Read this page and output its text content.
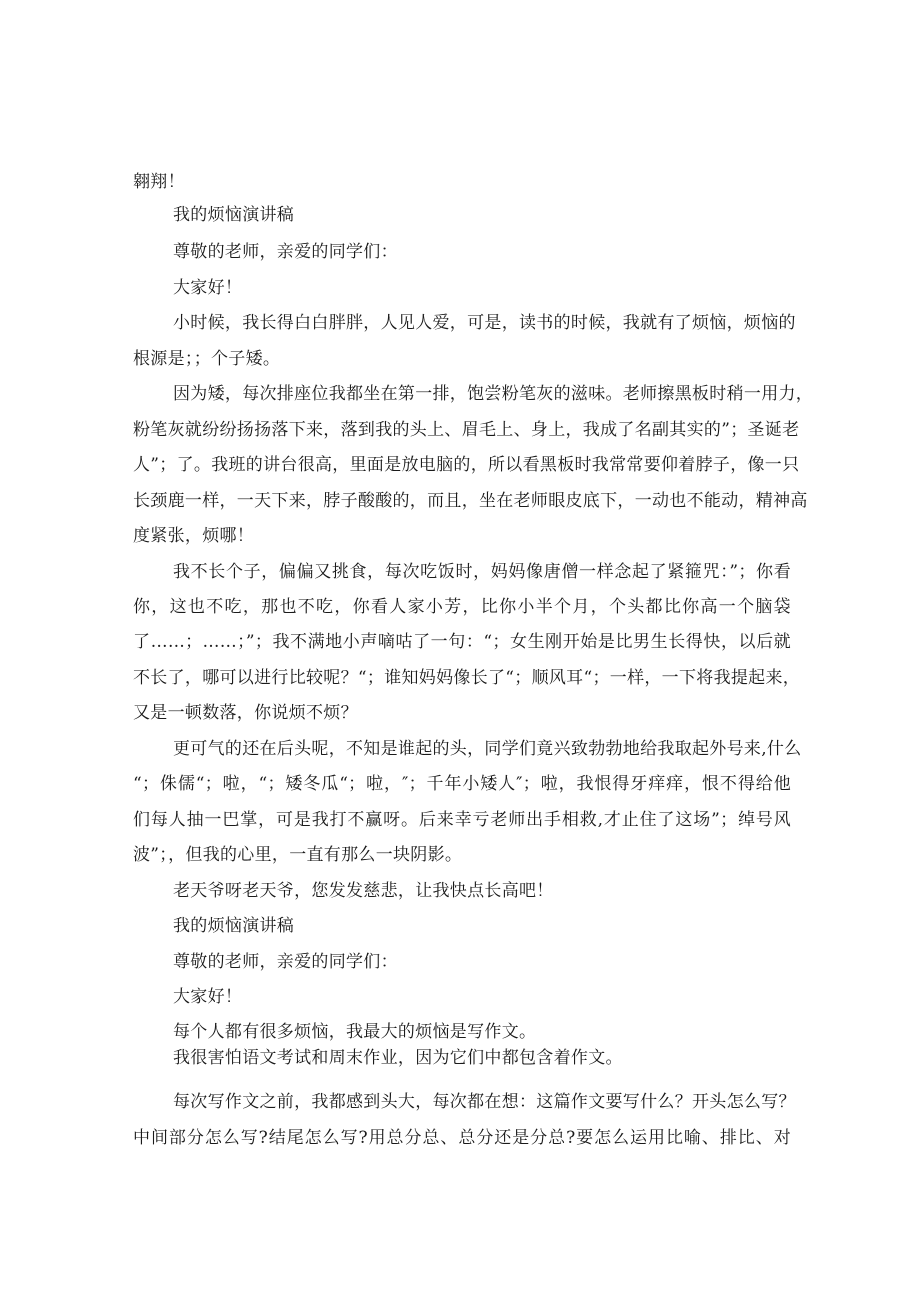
翱翔！
我的烦恼演讲稿
尊敬的老师，亲爱的同学们：
大家好！
小时候，我长得白白胖胖，人见人爱，可是，读书的时候，我就有了烦恼，烦恼的
根源是；；个子矮。
因为矮，每次排座位我都坐在第一排，饱尝粉笔灰的滋味。老师擦黑板时稍一用力，
粉笔灰就纷纷扬扬落下来，落到我的头上、眉毛上、身上，我成了名副其实的”；圣诞老
人”；了。我班的讲台很高，里面是放电脑的，所以看黑板时我常常要仰着脖子，像一只
长颈鹿一样，一天下来，脖子酸酸的，而且，坐在老师眼皮底下，一动也不能动，精神高
度紧张，烦哪！
我不长个子，偏偏又挑食，每次吃饭时，妈妈像唐僧一样念起了紧箍咒：”；你看
你，这也不吃，那也不吃，你看人家小芳，比你小半个月，个头都比你高一个脑袋
了……；……；”；我不满地小声嘀咕了一句：“；女生刚开始是比男生长得快，以后就
不长了，哪可以进行比较呢？“；谁知妈妈像长了“；顺风耳“；一样，一下将我提起来，
又是一顿数落，你说烦不烦？
更可气的还在后头呢，不知是谁起的头，同学们竟兴致勃勃地给我取起外号来,什么
“；侏儒“；啦，“；矮冬瓜“；啦，″；千年小矮人″；啦，我恨得牙痒痒，恨不得给他
们每人抽一巴掌，可是我打不赢呀。后来幸亏老师出手相救,才止住了这场”；绰号风
波”；，但我的心里，一直有那么一块阴影。
老天爷呀老天爷，您发发慈悲，让我快点长高吧！
我的烦恼演讲稿
尊敬的老师，亲爱的同学们：
大家好！
每个人都有很多烦恼，我最大的烦恼是写作文。
我很害怕语文考试和周末作业，因为它们中都包含着作文。
每次写作文之前，我都感到头大，每次都在想：这篇作文要写什么？开头怎么写？
中间部分怎么写?结尾怎么写?用总分总、总分还是分总?要怎么运用比喻、排比、对
